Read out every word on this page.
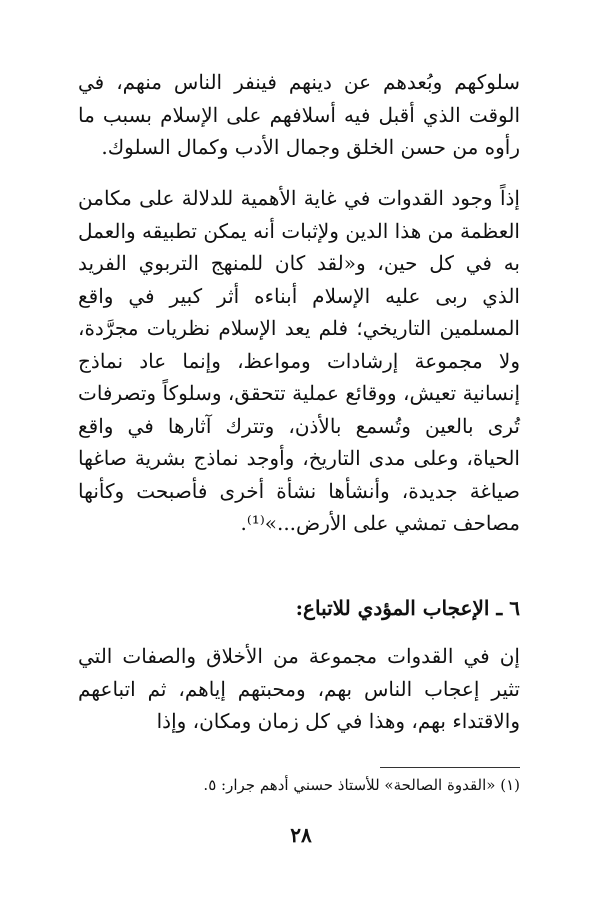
سلوكهم وبُعدهم عن دينهم فينفر الناس منهم، في الوقت الذي أقبل فيه أسلافهم على الإسلام بسبب ما رأوه من حسن الخلق وجمال الأدب وكمال السلوك.

إذاً وجود القدوات في غاية الأهمية للدلالة على مكامن العظمة من هذا الدين ولإثبات أنه يمكن تطبيقه والعمل به في كل حين، و«لقد كان للمنهج التربوي الفريد الذي ربى عليه الإسلام أبناءه أثر كبير في واقع المسلمين التاريخي؛ فلم يعد الإسلام نظريات مجرَّدة، ولا مجموعة إرشادات ومواعظ، وإنما عاد نماذج إنسانية تعيش، ووقائع عملية تتحقق، وسلوكاً وتصرفات تُرى بالعين وتُسمع بالأذن، وتترك آثارها في واقع الحياة، وعلى مدى التاريخ، وأوجد نماذج بشرية صاغها صياغة جديدة، وأنشأها نشأة أخرى فأصبحت وكأنها مصاحف تمشي على الأرض...»⁽¹⁾.

٦ ـ الإعجاب المؤدي للاتباع:

إن في القدوات مجموعة من الأخلاق والصفات التي تثير إعجاب الناس بهم، ومحبتهم إياهم، ثم اتباعهم والاقتداء بهم، وهذا في كل زمان ومكان، وإذا

(١) «القدوة الصالحة» للأستاذ حسني أدهم جرار: ٥.
٢٨
